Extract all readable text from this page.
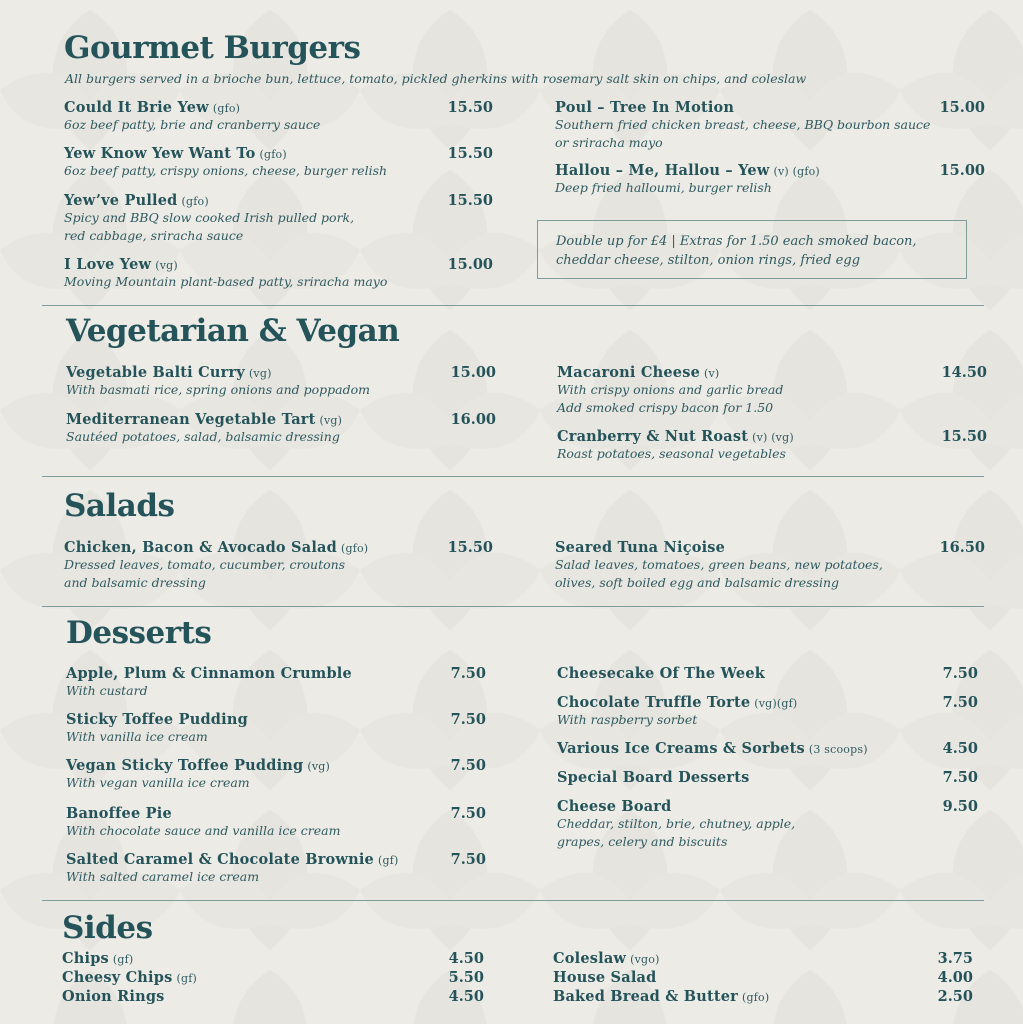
Gourmet Burgers
All burgers served in a brioche bun, lettuce, tomato, pickled gherkins with rosemary salt skin on chips, and coleslaw
Could It Brie Yew (gfo)	15.50
6oz beef patty, brie and cranberry sauce
Yew Know Yew Want To (gfo)	15.50
6oz beef patty, crispy onions, cheese, burger relish
Yew’ve Pulled (gfo)	15.50
Spicy and BBQ slow cooked Irish pulled pork,
red cabbage, sriracha sauce
I Love Yew (vg)	15.00
Moving Mountain plant-based patty, sriracha mayo
Poul – Tree In Motion	15.00
Southern fried chicken breast, cheese, BBQ bourbon sauce
or sriracha mayo
Hallou – Me, Hallou – Yew (v) (gfo)	15.00
Deep fried halloumi, burger relish
Double up for £4 | Extras for 1.50 each smoked bacon, cheddar cheese, stilton, onion rings, fried egg
Vegetarian & Vegan
Vegetable Balti Curry (vg)	15.00
With basmati rice, spring onions and poppadom
Mediterranean Vegetable Tart (vg)	16.00
Sautéed potatoes, salad, balsamic dressing
Macaroni Cheese (v)	14.50
With crispy onions and garlic bread
Add smoked crispy bacon for 1.50
Cranberry & Nut Roast (v) (vg)	15.50
Roast potatoes, seasonal vegetables
Salads
Chicken, Bacon & Avocado Salad (gfo)	15.50
Dressed leaves, tomato, cucumber, croutons
and balsamic dressing
Seared Tuna Niçoise	16.50
Salad leaves, tomatoes, green beans, new potatoes,
olives, soft boiled egg and balsamic dressing
Desserts
Apple, Plum & Cinnamon Crumble	7.50
With custard
Sticky Toffee Pudding	7.50
With vanilla ice cream
Vegan Sticky Toffee Pudding (vg)	7.50
With vegan vanilla ice cream
Banoffee Pie	7.50
With chocolate sauce and vanilla ice cream
Salted Caramel & Chocolate Brownie (gf)	7.50
With salted caramel ice cream
Cheesecake Of The Week	7.50
Chocolate Truffle Torte (vg)(gf)	7.50
With raspberry sorbet
Various Ice Creams & Sorbets (3 scoops)	4.50
Special Board Desserts	7.50
Cheese Board	9.50
Cheddar, stilton, brie, chutney, apple,
grapes, celery and biscuits
Sides
Chips (gf)	4.50
Cheesy Chips (gf)	5.50
Onion Rings	4.50
Coleslaw (vgo)	3.75
House Salad	4.00
Baked Bread & Butter (gfo)	2.50
